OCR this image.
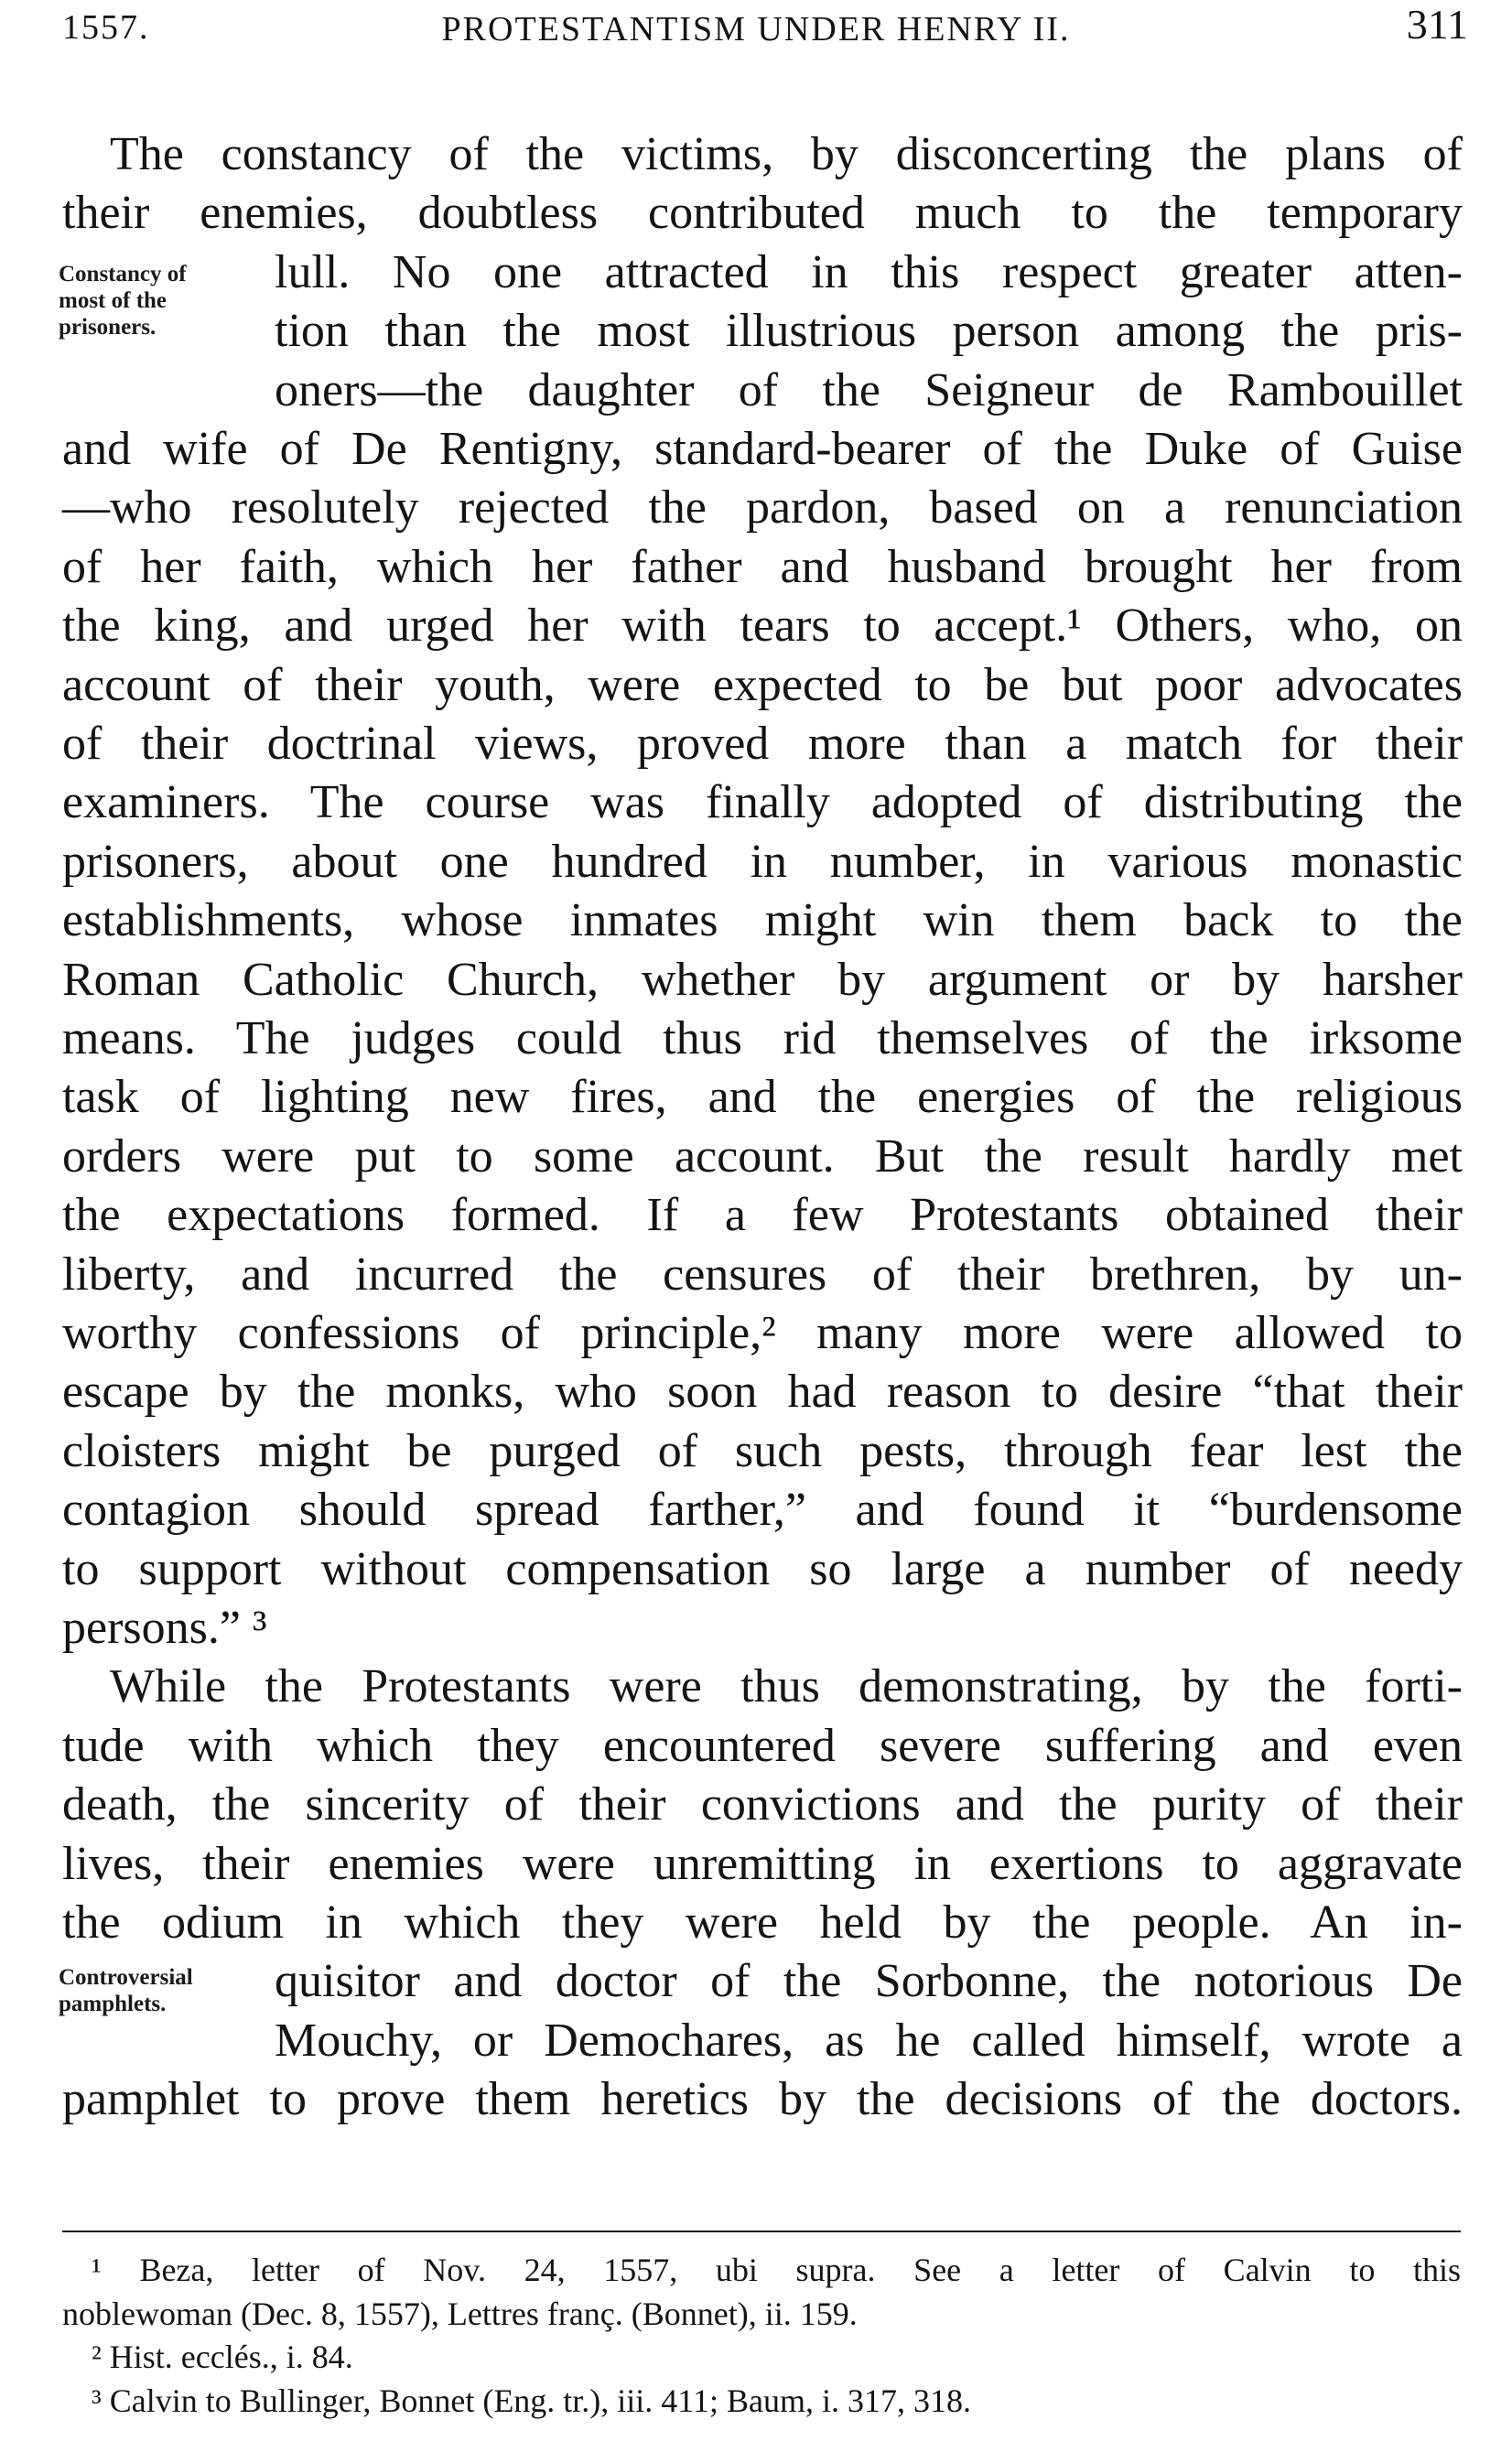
1557.	PROTESTANTISM UNDER HENRY II.	311
Constancy of
most of the
prisoners.
Controversial
pamphlets.
The constancy of the victims, by disconcerting the plans of
their enemies, doubtless contributed much to the temporary
lull. No one attracted in this respect greater atten-
tion than the most illustrious person among the pris-
oners—the daughter of the Seigneur de Rambouillet
and wife of De Rentigny, standard-bearer of the Duke of Guise
—who resolutely rejected the pardon, based on a renunciation
of her faith, which her father and husband brought her from
the king, and urged her with tears to accept.¹ Others, who, on
account of their youth, were expected to be but poor advocates
of their doctrinal views, proved more than a match for their
examiners. The course was finally adopted of distributing the
prisoners, about one hundred in number, in various monastic
establishments, whose inmates might win them back to the
Roman Catholic Church, whether by argument or by harsher
means. The judges could thus rid themselves of the irksome
task of lighting new fires, and the energies of the religious
orders were put to some account. But the result hardly met
the expectations formed. If a few Protestants obtained their
liberty, and incurred the censures of their brethren, by un-
worthy confessions of principle,² many more were allowed to
escape by the monks, who soon had reason to desire “that their
cloisters might be purged of such pests, through fear lest the
contagion should spread farther,” and found it “burdensome
to support without compensation so large a number of needy
persons.” ³
While the Protestants were thus demonstrating, by the forti-
tude with which they encountered severe suffering and even
death, the sincerity of their convictions and the purity of their
lives, their enemies were unremitting in exertions to aggravate
the odium in which they were held by the people. An in-
quisitor and doctor of the Sorbonne, the notorious De
Mouchy, or Demochares, as he called himself, wrote a
pamphlet to prove them heretics by the decisions of the doctors.
¹ Beza, letter of Nov. 24, 1557, ubi supra. See a letter of Calvin to this
noblewoman (Dec. 8, 1557), Lettres franç. (Bonnet), ii. 159.
² Hist. ecclés., i. 84.
³ Calvin to Bullinger, Bonnet (Eng. tr.), iii. 411; Baum, i. 317, 318.
